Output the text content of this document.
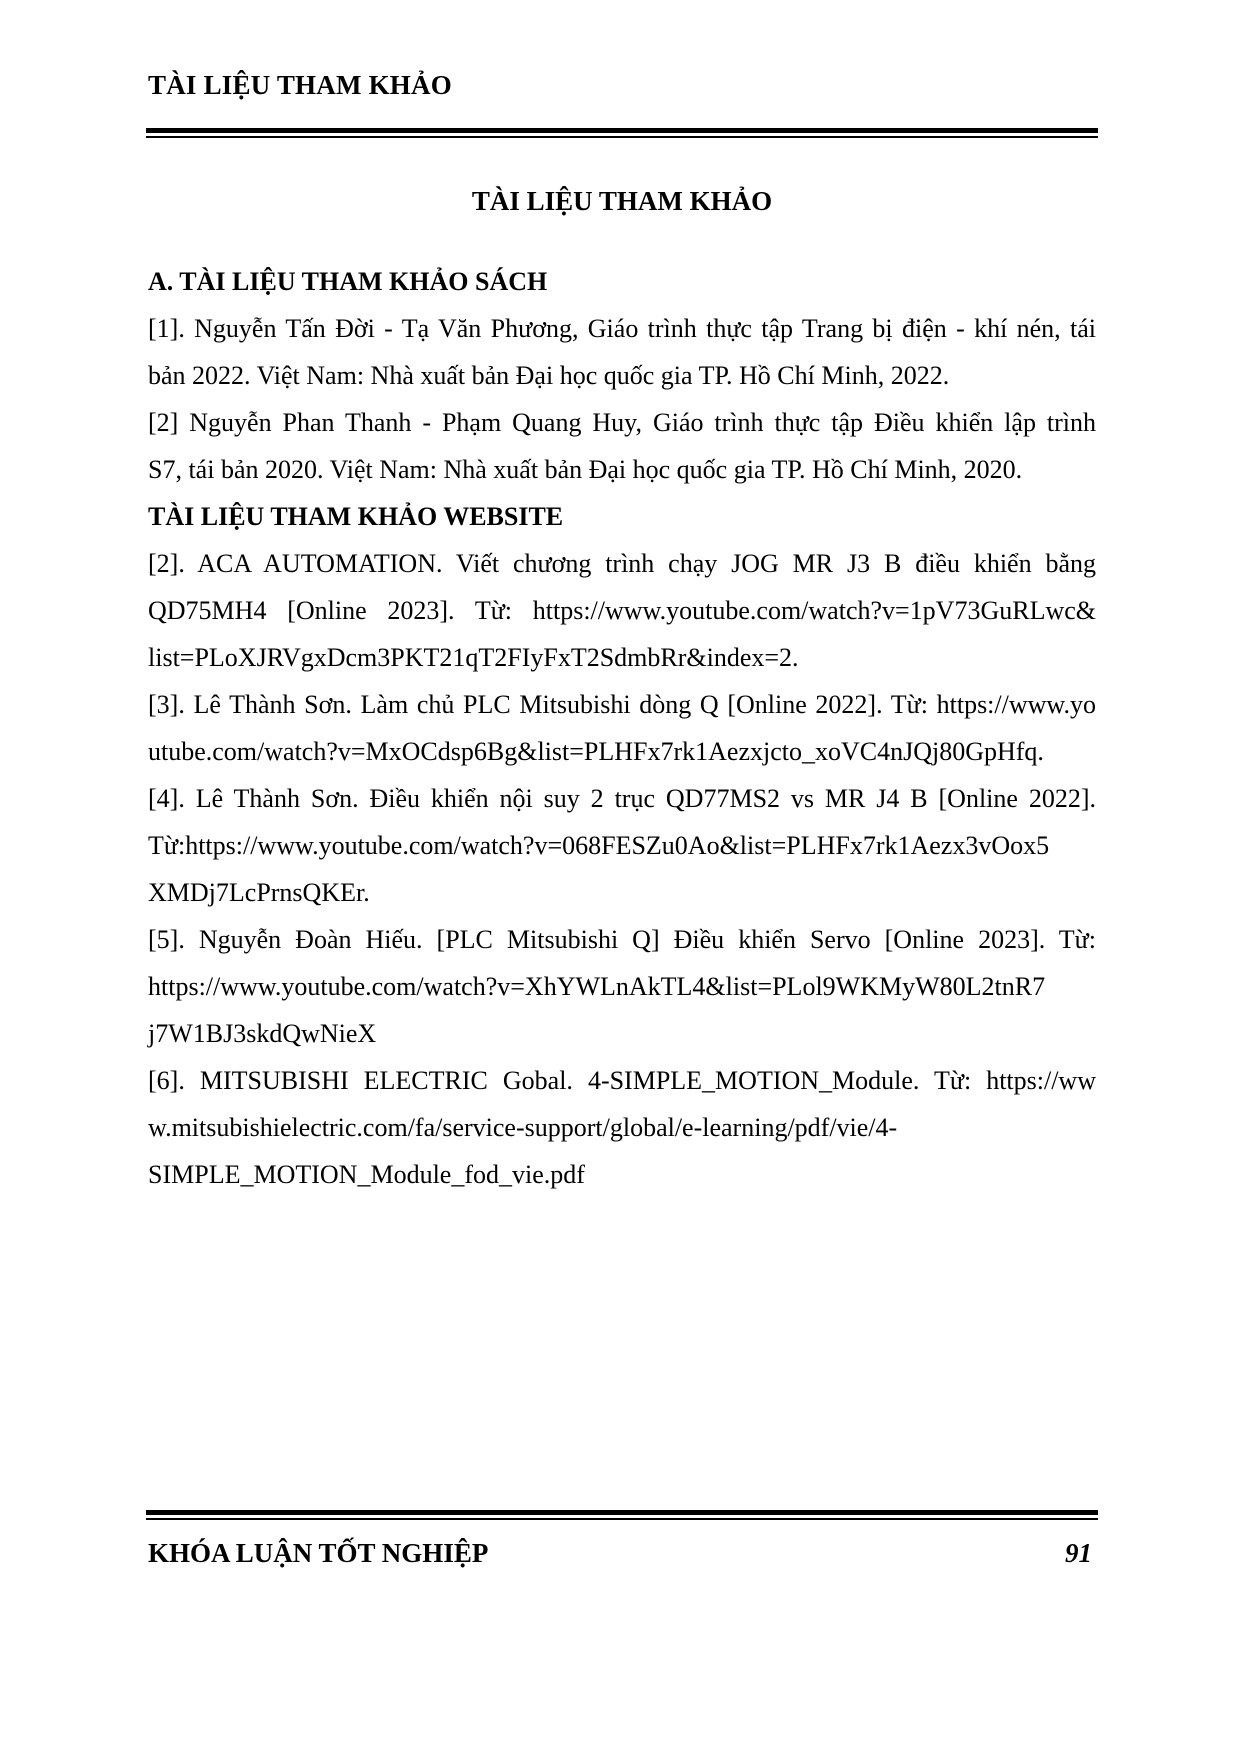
TÀI LIỆU THAM KHẢO
TÀI LIỆU THAM KHẢO
A. TÀI LIỆU THAM KHẢO SÁCH
[1]. Nguyễn Tấn Đời - Tạ Văn Phương, Giáo trình thực tập Trang bị điện - khí nén, tái
bản 2022. Việt Nam: Nhà xuất bản Đại học quốc gia TP. Hồ Chí Minh, 2022.
[2] Nguyễn Phan Thanh - Phạm Quang Huy, Giáo trình thực tập Điều khiển lập trình
S7, tái bản 2020. Việt Nam: Nhà xuất bản Đại học quốc gia TP. Hồ Chí Minh, 2020.
TÀI LIỆU THAM KHẢO WEBSITE
[2]. ACA AUTOMATION. Viết chương trình chạy JOG MR J3 B điều khiển bằng
QD75MH4 [Online 2023]. Từ: https://www.youtube.com/watch?v=1pV73GuRLwc&
list=PLoXJRVgxDcm3PKT21qT2FIyFxT2SdmbRr&index=2.
[3]. Lê Thành Sơn. Làm chủ PLC Mitsubishi dòng Q [Online 2022]. Từ: https://www.yo
utube.com/watch?v=MxOCdsp6Bg&list=PLHFx7rk1Aezxjcto_xoVC4nJQj80GpHfq.
[4]. Lê Thành Sơn. Điều khiển nội suy 2 trục QD77MS2 vs MR J4 B [Online 2022].
Từ:https://www.youtube.com/watch?v=068FESZu0Ao&list=PLHFx7rk1Aezx3vOox5
XMDj7LcPrnsQKEr.
[5]. Nguyễn Đoàn Hiếu. [PLC Mitsubishi Q] Điều khiển Servo [Online 2023]. Từ:
https://www.youtube.com/watch?v=XhYWLnAkTL4&list=PLol9WKMyW80L2tnR7
j7W1BJ3skdQwNieX
[6]. MITSUBISHI ELECTRIC Gobal. 4-SIMPLE_MOTION_Module. Từ: https://ww
w.mitsubishielectric.com/fa/service-support/global/e-learning/pdf/vie/4-
SIMPLE_MOTION_Module_fod_vie.pdf
KHÓA LUẬN TỐT NGHIỆP	91
